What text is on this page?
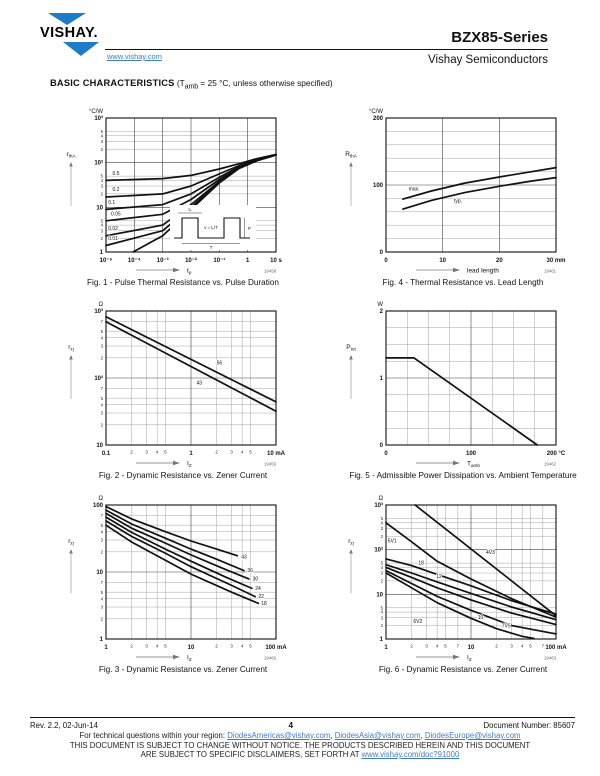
VISHAY.	BZX85-Series
www.vishay.com	Vishay Semiconductors
BASIC CHARACTERISTICS ($T_{amb} = 25$ °C, unless otherwise specified)
2
3
4
5
2
3
4
5
2
3
4
5
10⁻⁵	10⁻⁴	10⁻³	10⁻²	10⁻¹	1	10 s
1
10
10²
10³
tₚ
v = tₚ/T
T
P
0.5
0.2
0.1
0.05
0.02
0.01
°C/W
$r_{thA}$
$t_p$	19458
Fig. 1 - Pulse Thermal Resistance vs. Pulse Duration
0	10	20	30 mm
0
100
200
max.
typ.
°C/W
$R_{thA}$
lead length	19461
Fig. 4 - Thermal Resistance vs. Lead Length
2	3 4 5	2	3 4 5
2
3
4
5
7
2
3
4
5
7
0.1	1	10 mA
10
10²
10³
56
43
Ω
$r_{zj}$
$I_Z$	19459
Fig. 2 - Dynamic Resistance vs. Zener Current
0	100	200 °C
0
1
2
W
$P_{tot}$
$T_{amb}$	19462
Fig. 5 - Admissible Power Dissipation vs. Ambient Temperature
2	3 4 5	2	3 4 5
2
3
4
5
7
2
3
4
5
7
1	10	100 mA
1
10
100
43
36
30
24
22
18
Ω
$r_{zj}$
$I_Z$	19460
Fig. 3 - Dynamic Resistance vs. Zener Current
2	3 4 5 7	2	3 4 5 7
2
3
4
5
2
3
4
5
2
3
4
5
1	10	100 mA
1
10
10²
10³
5V1
4V3
18
12
10
7V5
6V2
Ω
$r_{zj}$
$I_Z$	19463
Fig. 6 - Dynamic Resistance vs. Zener Current
Rev. 2.2, 02-Jun-14	4	Document Number: 85607
For technical questions within your region: DiodesAmericas@vishay.com, DiodesAsia@vishay.com, DiodesEurope@vishay.com
THIS DOCUMENT IS SUBJECT TO CHANGE WITHOUT NOTICE. THE PRODUCTS DESCRIBED HEREIN AND THIS DOCUMENT
ARE SUBJECT TO SPECIFIC DISCLAIMERS, SET FORTH AT www.vishay.com/doc?91000
